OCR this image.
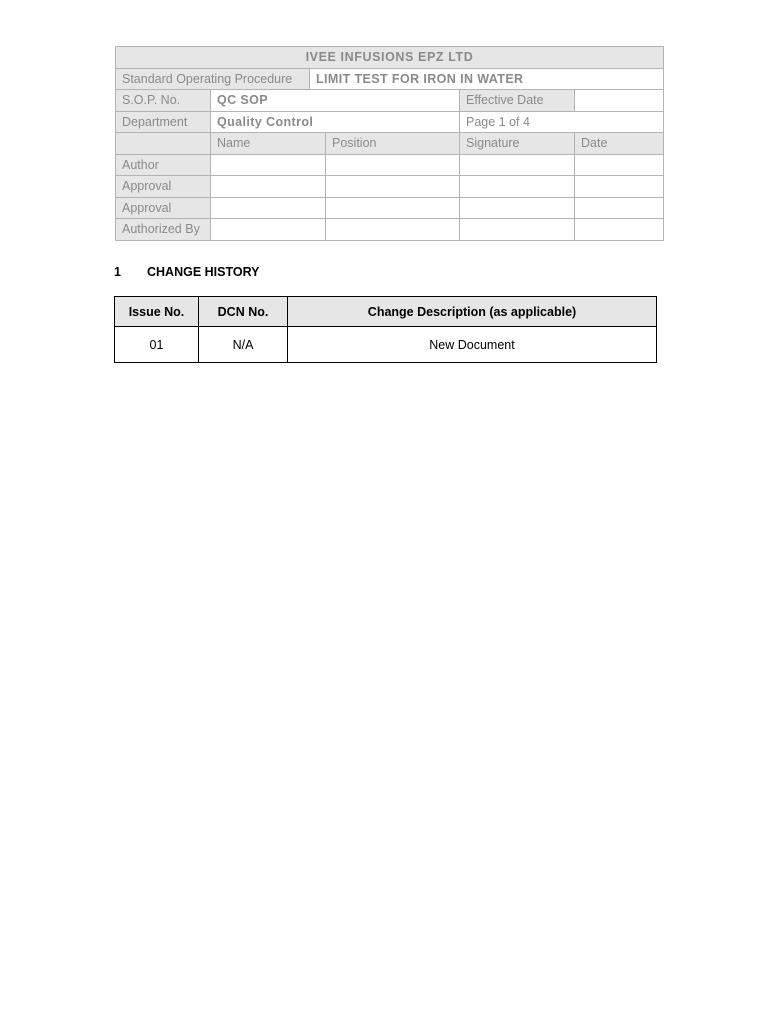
IVEE INFUSIONS EPZ LTD				

Standard Operating Procedure LIMIT TEST FOR IRON IN WATER				

S.O.P. No.	QC SOP		Effective Date	
Department	Quality Control		Page 1 of 4	
	Name	Position	Signature	Date
Author				
Approval				
Approval				
Authorized By				
1 CHANGE HISTORY
Issue No.	DCN No.	Change Description (as applicable)
01	N/A	New Document
